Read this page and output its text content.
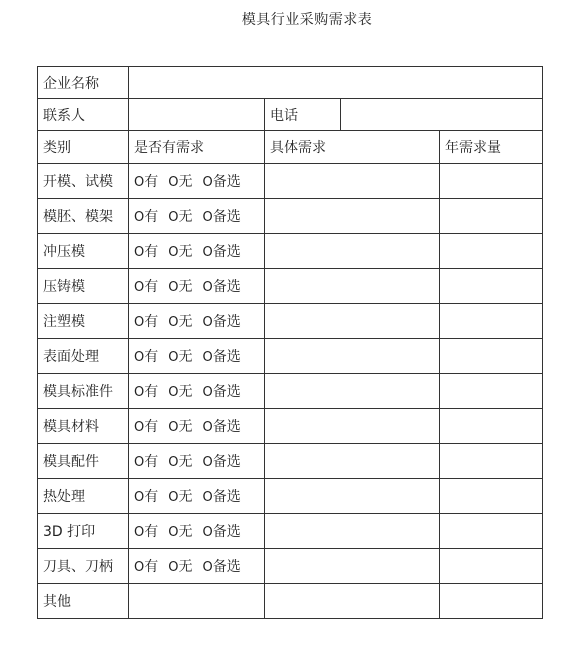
模具行业采购需求表
企业名称				
联系人		电话		
类别	是否有需求	具体需求		年需求量
开模、试模	O有 O无 O备选			
模胚、模架	O有 O无 O备选			
冲压模	O有 O无 O备选			
压铸模	O有 O无 O备选			
注塑模	O有 O无 O备选			
表面处理	O有 O无 O备选			
模具标准件	O有 O无 O备选			
模具材料	O有 O无 O备选			
模具配件	O有 O无 O备选			
热处理	O有 O无 O备选			
3D 打印	O有 O无 O备选			
刀具、刀柄	O有 O无 O备选			
其他				
